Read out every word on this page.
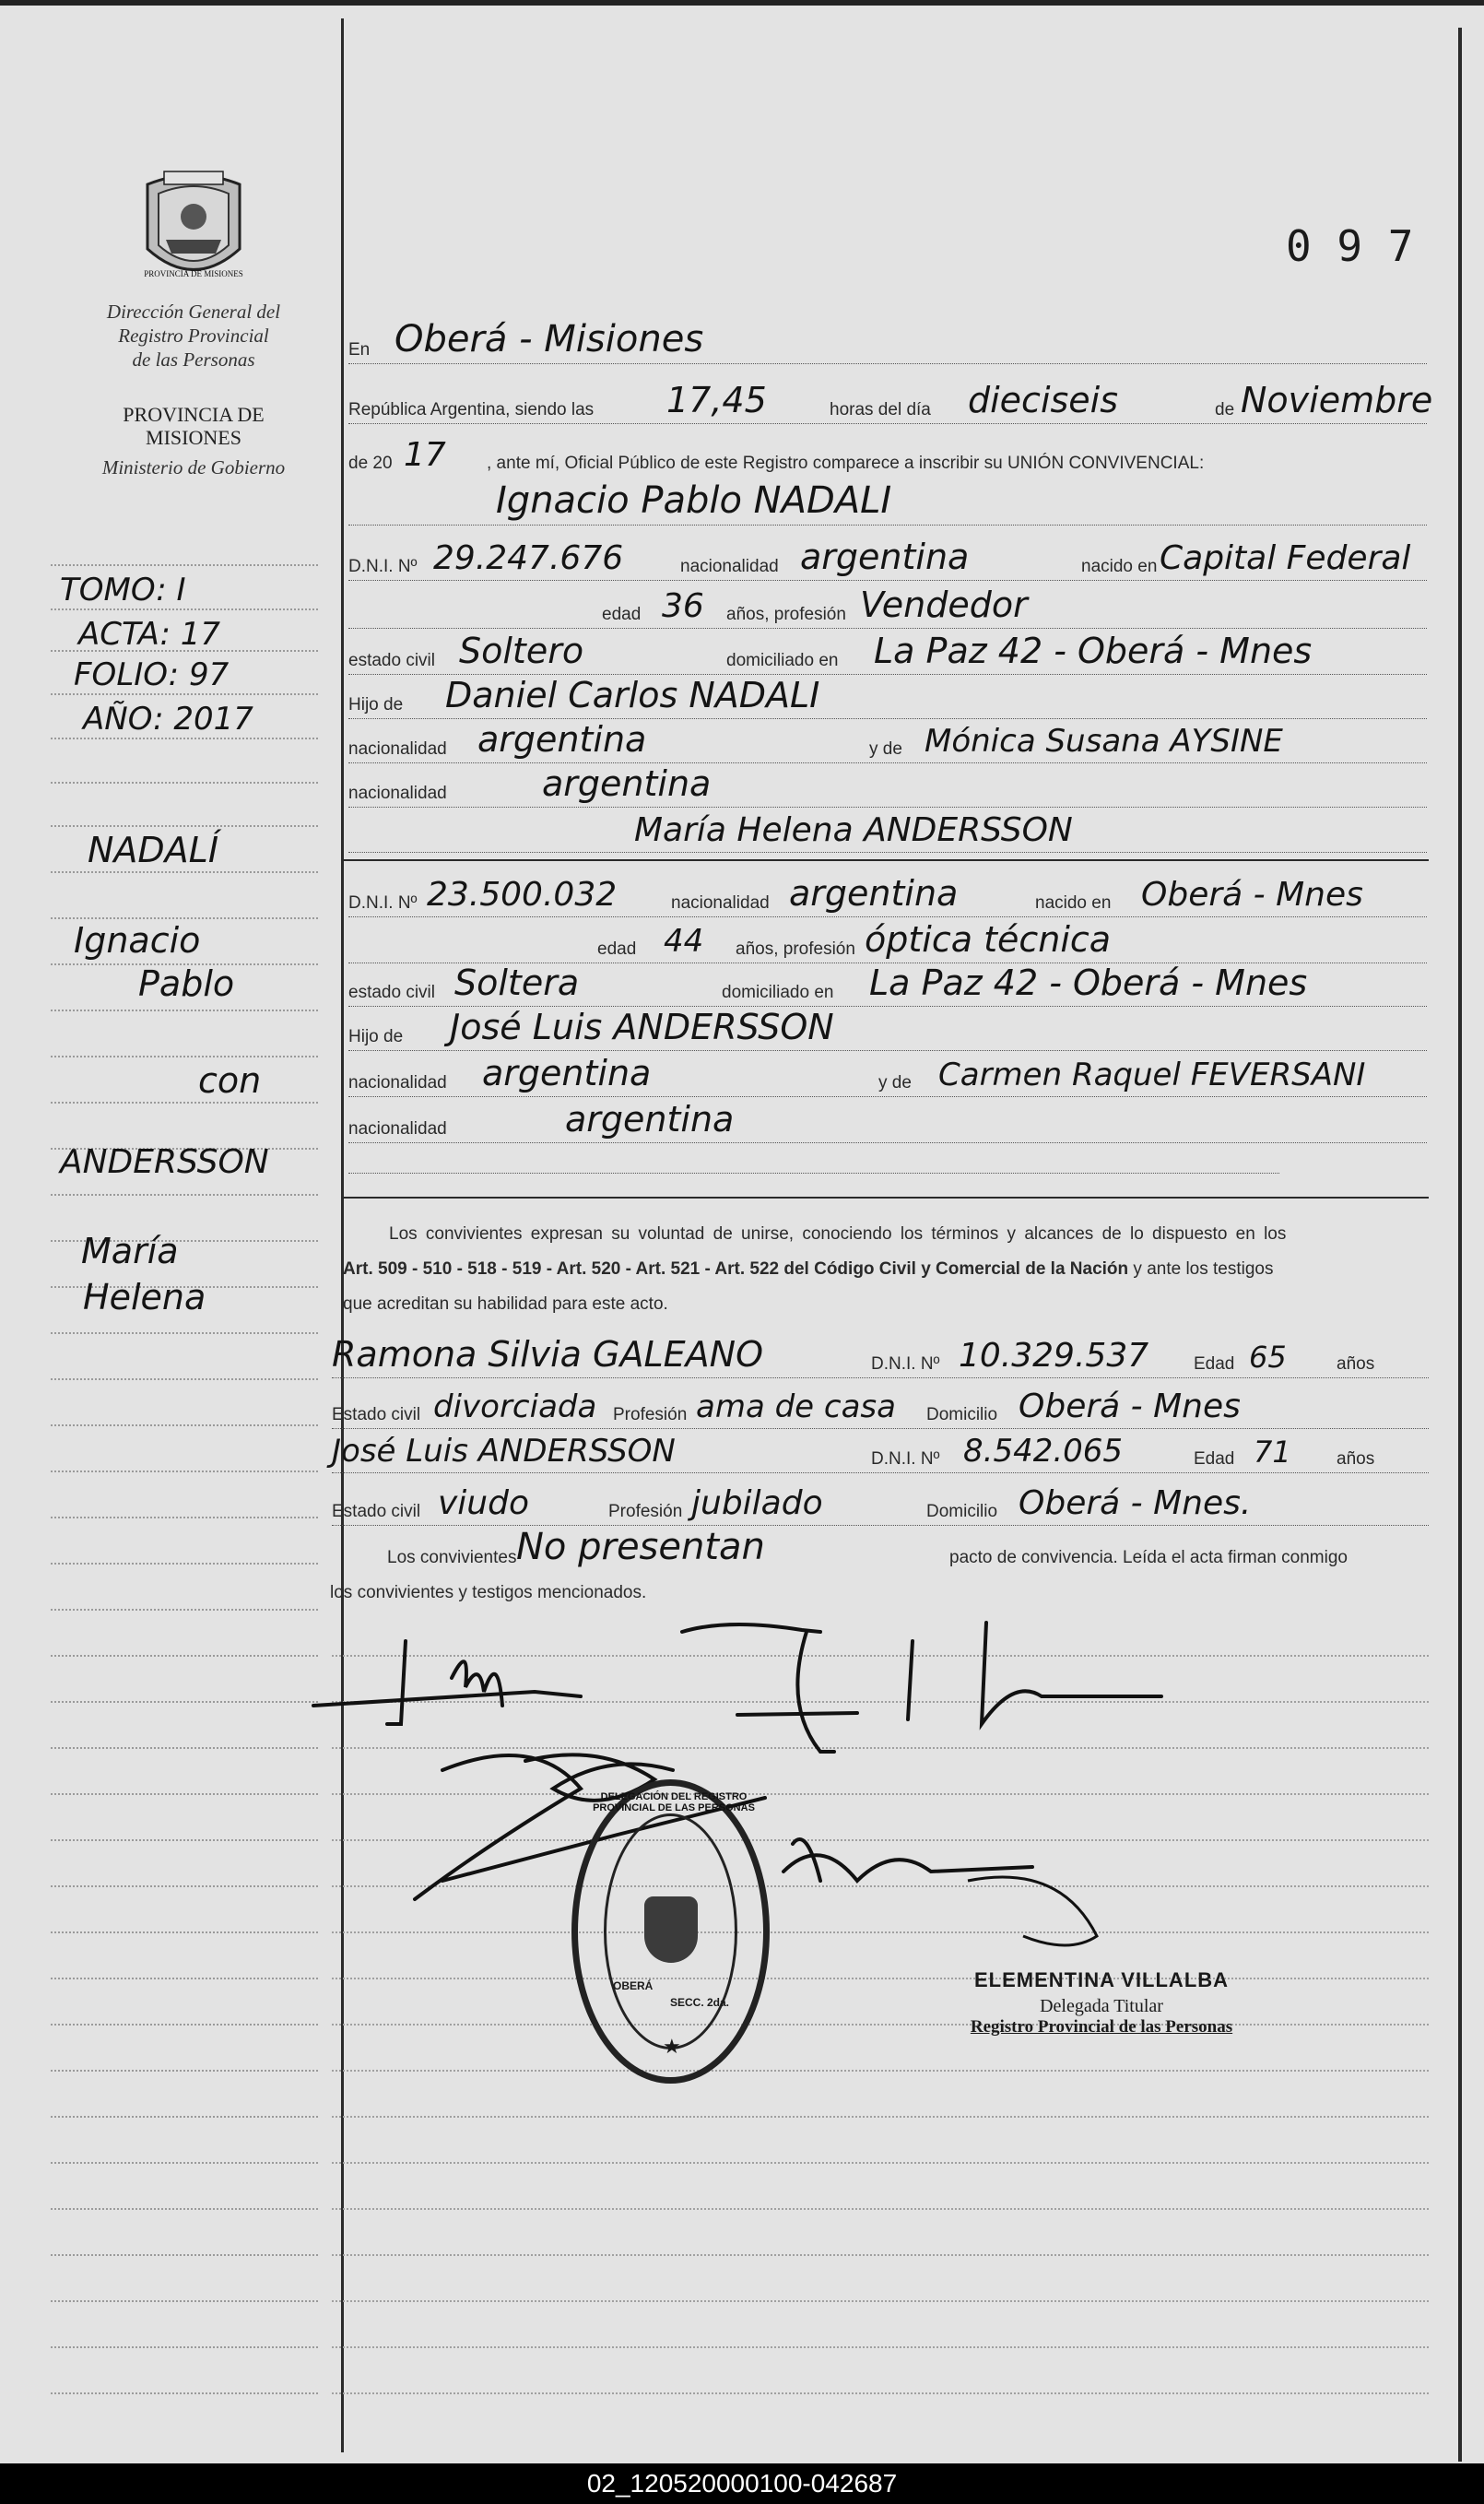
PROVINCIA DE MISIONES
Dirección General del
Registro Provincial
de las Personas
PROVINCIA DE
MISIONES
Ministerio de Gobierno
0 9 7
TOMO: I
ACTA: 17
FOLIO: 97
AÑO: 2017
NADALÍ
Ignacio
Pablo
con
ANDERSSON
María
Helena
En Oberá - Misiones
República Argentina, siendo las 17,45	horas del día dieciseis	de Noviembre
de 20 17 , ante mí, Oficial Público de este Registro comparece a inscribir su UNIÓN CONVIVENCIAL:
Ignacio Pablo NADALI
D.N.I. Nº 29.247.676	nacionalidad argentina	nacido en Capital Federal
edad 36 años, profesión Vendedor
estado civil Soltero	domiciliado en La Paz 42 - Oberá - Mnes
Hijo de Daniel Carlos NADALI
nacionalidad argentina	y de Mónica Susana AYSINE
nacionalidad	argentina
María Helena ANDERSSON
D.N.I. Nº 23.500.032	nacionalidad argentina	nacido en Oberá - Mnes
edad 44 años, profesión óptica técnica
estado civil Soltera	domiciliado en La Paz 42 - Oberá - Mnes
Hijo de José Luis ANDERSSON
nacionalidad argentina	y de Carmen Raquel FEVERSANI
nacionalidad	argentina
Los convivientes expresan su voluntad de unirse, conociendo los términos y alcances de lo dispuesto en los
Art. 509 - 510 - 518 - 519 - Art. 520 - Art. 521 - Art. 522 del Código Civil y Comercial de la Nación y ante los testigos
que acreditan su habilidad para este acto.
Ramona Silvia GALEANO	D.N.I. Nº 10.329.537	Edad 65	años
Estado civil divorciada Profesión ama de casa Domicilio Oberá - Mnes
José Luis ANDERSSON	D.N.I. Nº 8.542.065	Edad 71	años
Estado civil viudo	Profesión jubilado	Domicilio Oberá - Mnes.
Los convivientes No presentan	pacto de convivencia. Leída el acta firman conmigo
los convivientes y testigos mencionados.
DELEGACIÓN DEL REGISTRO PROVINCIAL DE LAS PERSONAS
OBERÁ
SECC. 2da.
★
ELEMENTINA VILLALBA
Delegada Titular
Registro Provincial de las Personas
02_120520000100-042687
